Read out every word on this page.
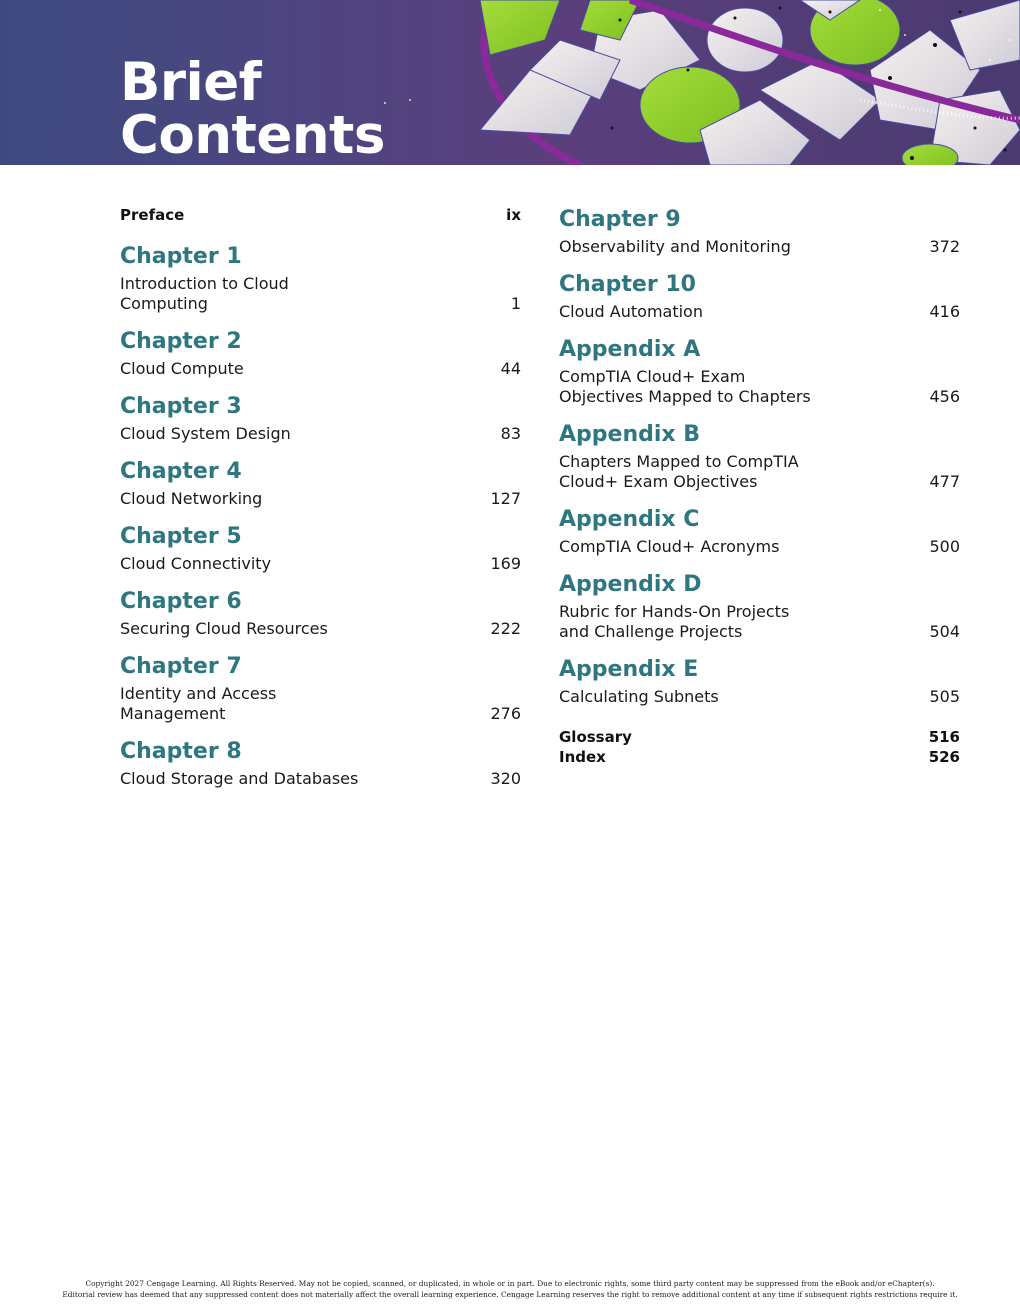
Brief
Contents
Preface	ix
Chapter 1
Introduction to Cloud Computing	1
Chapter 2
Cloud Compute	44
Chapter 3
Cloud System Design	83
Chapter 4
Cloud Networking	127
Chapter 5
Cloud Connectivity	169
Chapter 6
Securing Cloud Resources	222
Chapter 7
Identity and Access Management	276
Chapter 8
Cloud Storage and Databases	320
Chapter 9
Observability and Monitoring	372
Chapter 10
Cloud Automation	416
Appendix A
CompTIA Cloud+ Exam
Objectives Mapped to Chapters	456
Appendix B
Chapters Mapped to CompTIA
Cloud+ Exam Objectives	477
Appendix C
CompTIA Cloud+ Acronyms	500
Appendix D
Rubric for Hands-On Projects
and Challenge Projects	504
Appendix E
Calculating Subnets	505
Glossary	516
Index	526
Copyright 2027 Cengage Learning. All Rights Reserved. May not be copied, scanned, or duplicated, in whole or in part. Due to electronic rights, some third party content may be suppressed from the eBook and/or eChapter(s).
Editorial review has deemed that any suppressed content does not materially affect the overall learning experience. Cengage Learning reserves the right to remove additional content at any time if subsequent rights restrictions require it.
